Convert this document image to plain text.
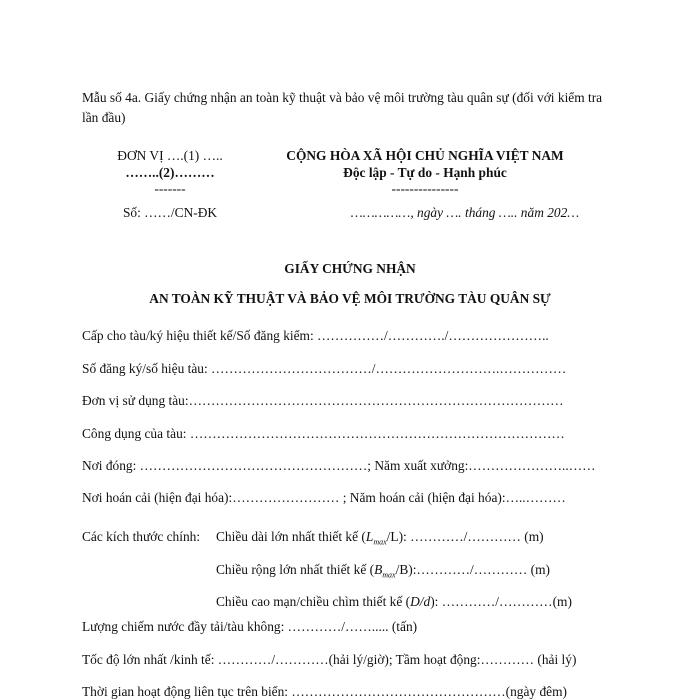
Mẫu số 4a. Giấy chứng nhận an toàn kỹ thuật và bảo vệ môi trường tàu quân sự (đối với kiểm tra lần đầu)
ĐƠN VỊ ….(1) …..
……..(2)………
-------
Số: ……/CN-ĐK
CỘNG HÒA XÃ HỘI CHỦ NGHĨA VIỆT NAM
Độc lập - Tự do - Hạnh phúc
---------------
……………, ngày …. tháng ….. năm 202…
GIẤY CHỨNG NHẬN
AN TOÀN KỸ THUẬT VÀ BẢO VỆ MÔI TRƯỜNG TÀU QUÂN SỰ
Cấp cho tàu/ký hiệu thiết kế/Số đăng kiểm: ……………/…………./…………………..
Số đăng ký/số hiệu tàu: ………………………………/……………………….……………
Đơn vị sử dụng tàu:…………………………………………………………………………
Công dụng của tàu: …………………………………………………………………………
Nơi đóng: ……………………………………………; Năm xuất xưởng:…………………..……
Nơi hoán cải (hiện đại hóa):…………………… ; Năm hoán cải (hiện đại hóa):…..………
Các kích thước chính: Chiều dài lớn nhất thiết kế $(L_{max}/L)$: …………/………… (m)
Chiều rộng lớn nhất thiết kế $(B_{max}/B):\dots\dots\dots\dots/\dots\dots\dots\dots$ (m)
Chiều cao mạn/chiều chìm thiết kế (D/d): …………/…………(m)
Lượng chiếm nước đầy tải/tàu không: …………/……..... (tấn)
Tốc độ lớn nhất /kinh tế: …………/…………(hải lý/giờ); Tầm hoạt động:………… (hải lý)
Thời gian hoạt động liên tục trên biển: …………………………………………(ngày đêm)
